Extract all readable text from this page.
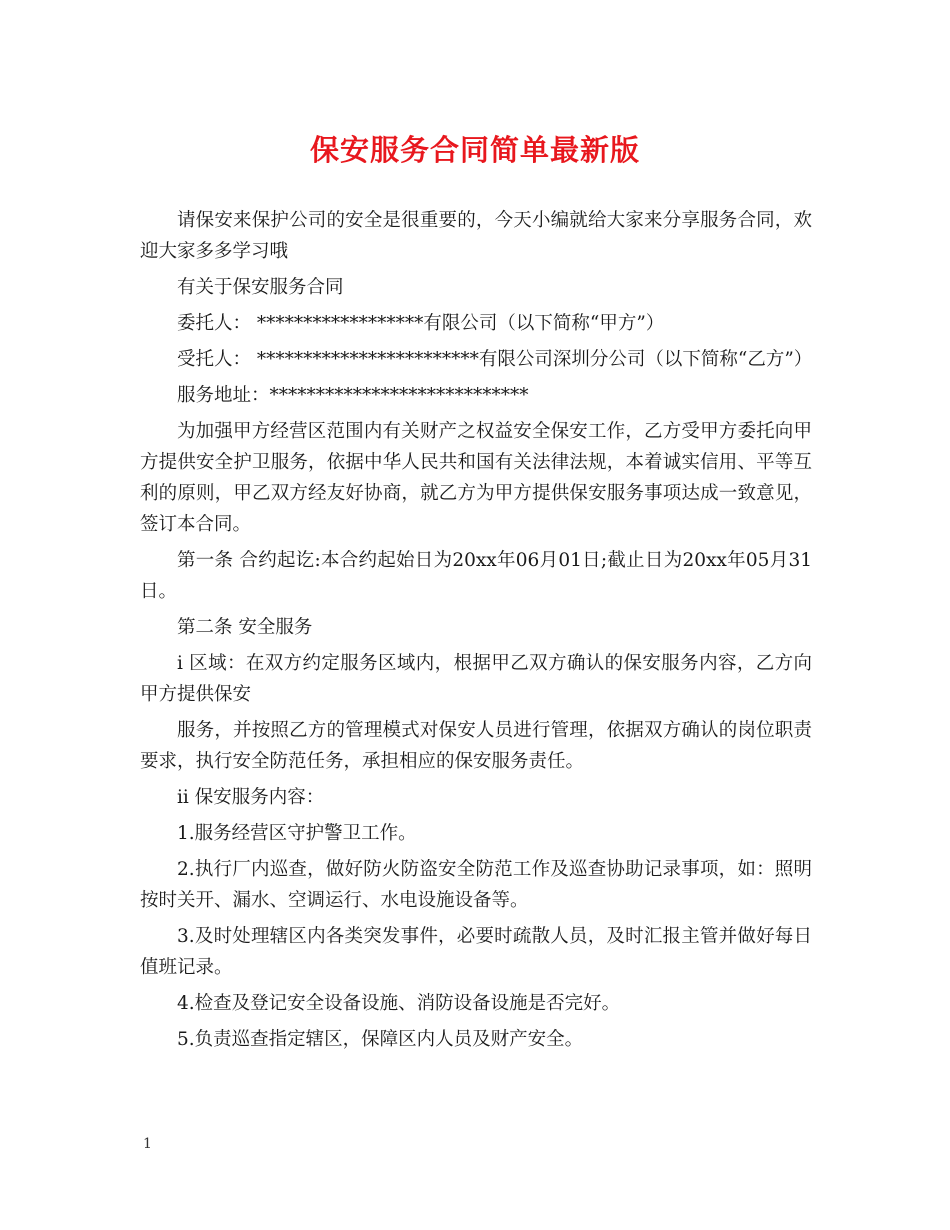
保安服务合同简单最新版

请保安来保护公司的安全是很重要的，今天小编就给大家来分享服务合同，欢迎大家多多学习哦

有关于保安服务合同

委托人： ******************有限公司（以下简称“甲方”）

受托人： ************************有限公司深圳分公司（以下简称“乙方”）

服务地址：****************************

为加强甲方经营区范围内有关财产之权益安全保安工作，乙方受甲方委托向甲方提供安全护卫服务，依据中华人民共和国有关法律法规，本着诚实信用、平等互利的原则，甲乙双方经友好协商，就乙方为甲方提供保安服务事项达成一致意见，签订本合同。

第一条 合约起讫:本合约起始日为20xx年06月01日;截止日为20xx年05月31日。

第二条 安全服务

i 区域：在双方约定服务区域内，根据甲乙双方确认的保安服务内容，乙方向甲方提供保安

服务，并按照乙方的管理模式对保安人员进行管理，依据双方确认的岗位职责要求，执行安全防范任务，承担相应的保安服务责任。

ii 保安服务内容：

1.服务经营区守护警卫工作。

2.执行厂内巡查，做好防火防盗安全防范工作及巡查协助记录事项，如：照明按时关开、漏水、空调运行、水电设施设备等。

3.及时处理辖区内各类突发事件，必要时疏散人员，及时汇报主管并做好每日值班记录。

4.检查及登记安全设备设施、消防设备设施是否完好。

5.负责巡查指定辖区，保障区内人员及财产安全。

1
